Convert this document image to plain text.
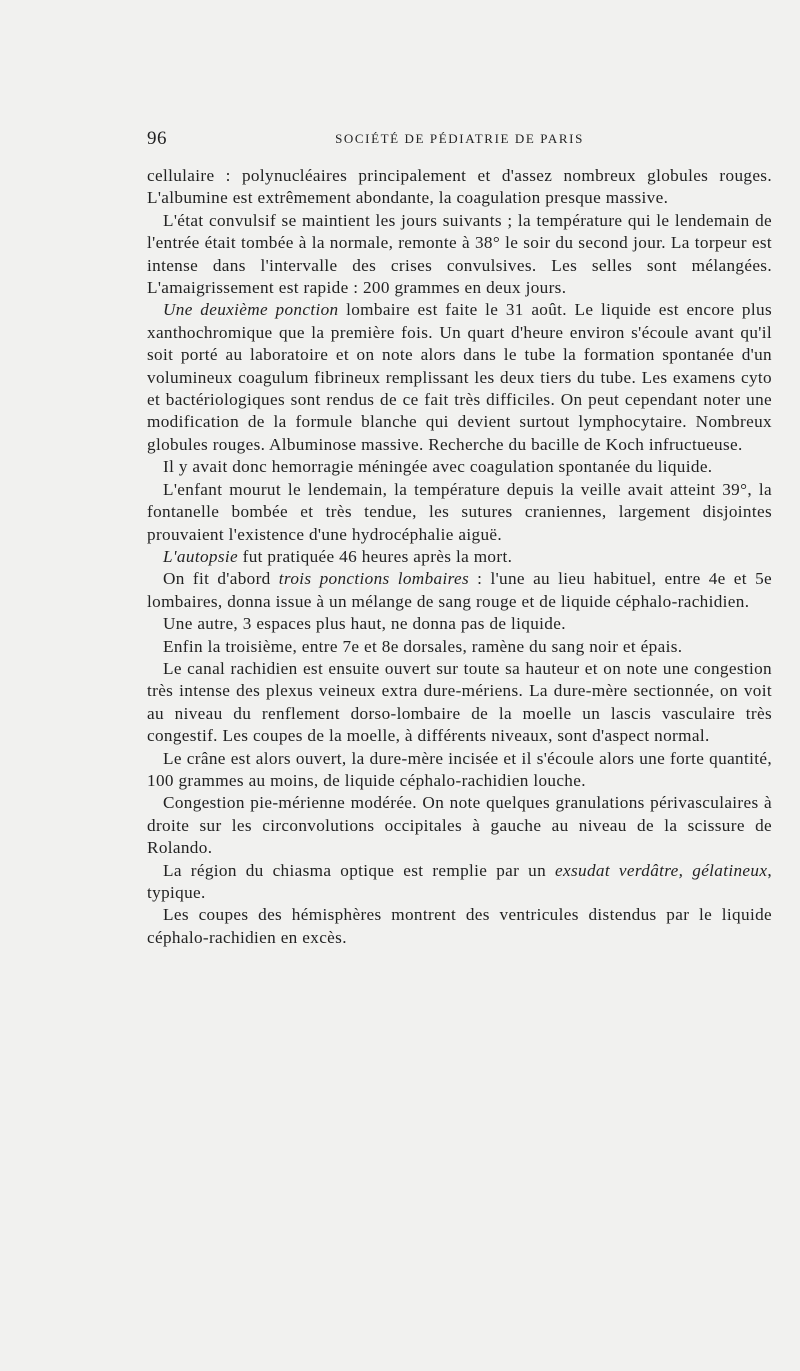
96	SOCIÉTÉ DE PÉDIATRIE DE PARIS

cellulaire : polynucléaires principalement et d'assez nombreux globules rouges. L'albumine est extrêmement abondante, la coagulation presque massive.

L'état convulsif se maintient les jours suivants ; la température qui le lendemain de l'entrée était tombée à la normale, remonte à 38° le soir du second jour. La torpeur est intense dans l'intervalle des crises convulsives. Les selles sont mélangées. L'amaigrissement est rapide : 200 grammes en deux jours.

Une deuxième ponction lombaire est faite le 31 août. Le liquide est encore plus xanthochromique que la première fois. Un quart d'heure environ s'écoule avant qu'il soit porté au laboratoire et on note alors dans le tube la formation spontanée d'un volumineux coagulum fibrineux remplissant les deux tiers du tube. Les examens cyto et bactériologiques sont rendus de ce fait très difficiles. On peut cependant noter une modification de la formule blanche qui devient surtout lymphocytaire. Nombreux globules rouges. Albuminose massive. Recherche du bacille de Koch infructueuse.

Il y avait donc hemorragie méningée avec coagulation spontanée du liquide.

L'enfant mourut le lendemain, la température depuis la veille avait atteint 39°, la fontanelle bombée et très tendue, les sutures craniennes, largement disjointes prouvaient l'existence d'une hydrocéphalie aiguë.

L'autopsie fut pratiquée 46 heures après la mort.

On fit d'abord trois ponctions lombaires : l'une au lieu habituel, entre 4e et 5e lombaires, donna issue à un mélange de sang rouge et de liquide céphalo-rachidien.

Une autre, 3 espaces plus haut, ne donna pas de liquide.

Enfin la troisième, entre 7e et 8e dorsales, ramène du sang noir et épais.

Le canal rachidien est ensuite ouvert sur toute sa hauteur et on note une congestion très intense des plexus veineux extra dure-mériens. La dure-mère sectionnée, on voit au niveau du renflement dorso-lombaire de la moelle un lascis vasculaire très congestif. Les coupes de la moelle, à différents niveaux, sont d'aspect normal.

Le crâne est alors ouvert, la dure-mère incisée et il s'écoule alors une forte quantité, 100 grammes au moins, de liquide céphalo-rachidien louche.

Congestion pie-mérienne modérée. On note quelques granulations périvasculaires à droite sur les circonvolutions occipitales à gauche au niveau de la scissure de Rolando.

La région du chiasma optique est remplie par un exsudat verdâtre, gélatineux, typique.

Les coupes des hémisphères montrent des ventricules distendus par le liquide céphalo-rachidien en excès.
